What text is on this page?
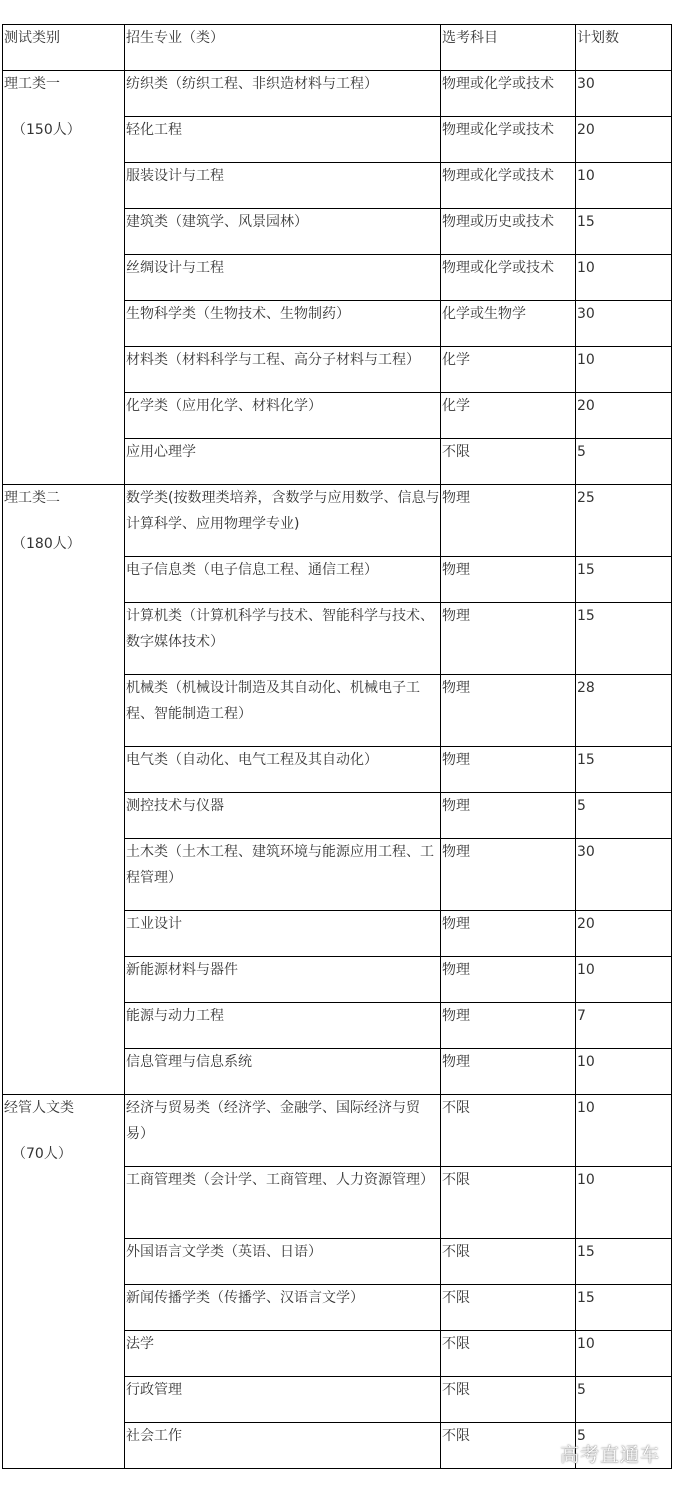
测试类别	招生专业（类）	选考科目	计划数

理工类一
（150人）	纺织类（纺织工程、非织造材料与工程）	物理或化学或技术	30
	轻化工程	物理或化学或技术	20
	服装设计与工程	物理或化学或技术	10
	建筑类（建筑学、风景园林）	物理或历史或技术	15
	丝绸设计与工程	物理或化学或技术	10
	生物科学类（生物技术、生物制药）	化学或生物学	30
	材料类（材料科学与工程、高分子材料与工程）	化学	10
	化学类（应用化学、材料化学）	化学	20
	应用心理学	不限	5

理工类二
（180人）	数学类(按数理类培养，含数学与应用数学、信息与计算科学、应用物理学专业)	物理	25
	电子信息类（电子信息工程、通信工程）	物理	15
	计算机类（计算机科学与技术、智能科学与技术、数字媒体技术）	物理	15
	机械类（机械设计制造及其自动化、机械电子工程、智能制造工程）	物理	28
	电气类（自动化、电气工程及其自动化）	物理	15
	测控技术与仪器	物理	5
	土木类（土木工程、建筑环境与能源应用工程、工程管理）	物理	30
	工业设计	物理	20
	新能源材料与器件	物理	10
	能源与动力工程	物理	7
	信息管理与信息系统	物理	10

经管人文类
（70人）	经济与贸易类（经济学、金融学、国际经济与贸易）	不限	10
	工商管理类（会计学、工商管理、人力资源管理）	不限	10
	外国语言文学类（英语、日语）	不限	15
	新闻传播学类（传播学、汉语言文学）	不限	15
	法学	不限	10
	行政管理	不限	5
	社会工作	不限	5
高考直通车
